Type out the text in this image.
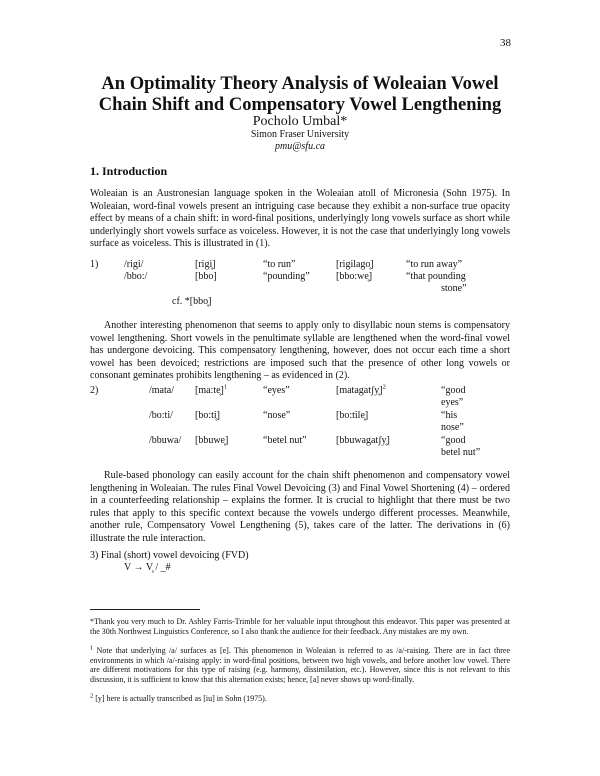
38
An Optimality Theory Analysis of Woleaian Vowel
Chain Shift and Compensatory Vowel Lengthening
Pocholo Umbal*
Simon Fraser University
pmu@sfu.ca
1. Introduction
Woleaian is an Austronesian language spoken in the Woleaian atoll of Micronesia (Sohn 1975). In Woleaian, word-final vowels present an intriguing case because they exhibit a non-surface true opacity effect by means of a chain shift: in word-final positions, underlyingly long vowels surface as short while underlyingly short vowels surface as voiceless. However, it is not the case that underlyingly long vowels surface as voiceless. This is illustrated in (1).
1)	/rigi/	[rigi̥]	“to run”	[rigilago̥]	“to run away”
/bbo:/	[bbo]	“pounding”	[bbo:we̥]	“that pounding
stone”
cf. *[bbo̥]
Another interesting phenomenon that seems to apply only to disyllabic noun stems is compensatory vowel lengthening. Short vowels in the penultimate syllable are lengthened when the word-final vowel has undergone devoicing. This compensatory lengthening, however, does not occur each time a short vowel has been devoiced; restrictions are imposed such that the presence of other long vowels or consonant geminates prohibits lengthening – as evidenced in (2).
2)	/mata/ [ma:te̥]$^1$	“eyes”	[matagatʃy̥]$^2$	“good
eyes”
/bo:ti/ [bo:ti̥]	“nose”	[bo:tile̥]	“his
nose”
/bbuwa/ [bbuwe̥]	“betel nut”	[bbuwagatʃy̥]	“good
betel nut”
Rule-based phonology can easily account for the chain shift phenomenon and compensatory vowel lengthening in Woleaian. The rules Final Vowel Devoicing (3) and Final Vowel Shortening (4) – ordered in a counterfeeding relationship – explains the former. It is crucial to highlight that there must be two rules that apply to this specific context because the vowels undergo different processes. Meanwhile, another rule, Compensatory Vowel Lengthening (5), takes care of the latter. The derivations in (6) illustrate the rule interaction.
3) Final (short) vowel devoicing (FVD)
V → V̥ / _#
*Thank you very much to Dr. Ashley Farris-Trimble for her valuable input throughout this endeavor. This paper was presented at the 30th Northwest Linguistics Conference, so I also thank the audience for their feedback. Any mistakes are my own.
$^1$ Note that underlying /a/ surfaces as [e]. This phenomenon in Woleaian is referred to as /a/-raising. There are in fact three environments in which /a/-raising apply: in word-final positions, between two high vowels, and before another low vowel. There are different motivations for this type of raising (e.g. harmony, dissimilation, etc.). However, since this is not relevant to this discussion, it is sufficient to know that this alternation exists; hence, [a] never shows up word-finally.
$^2$ [y] here is actually transcribed as [iu] in Sohn (1975).
